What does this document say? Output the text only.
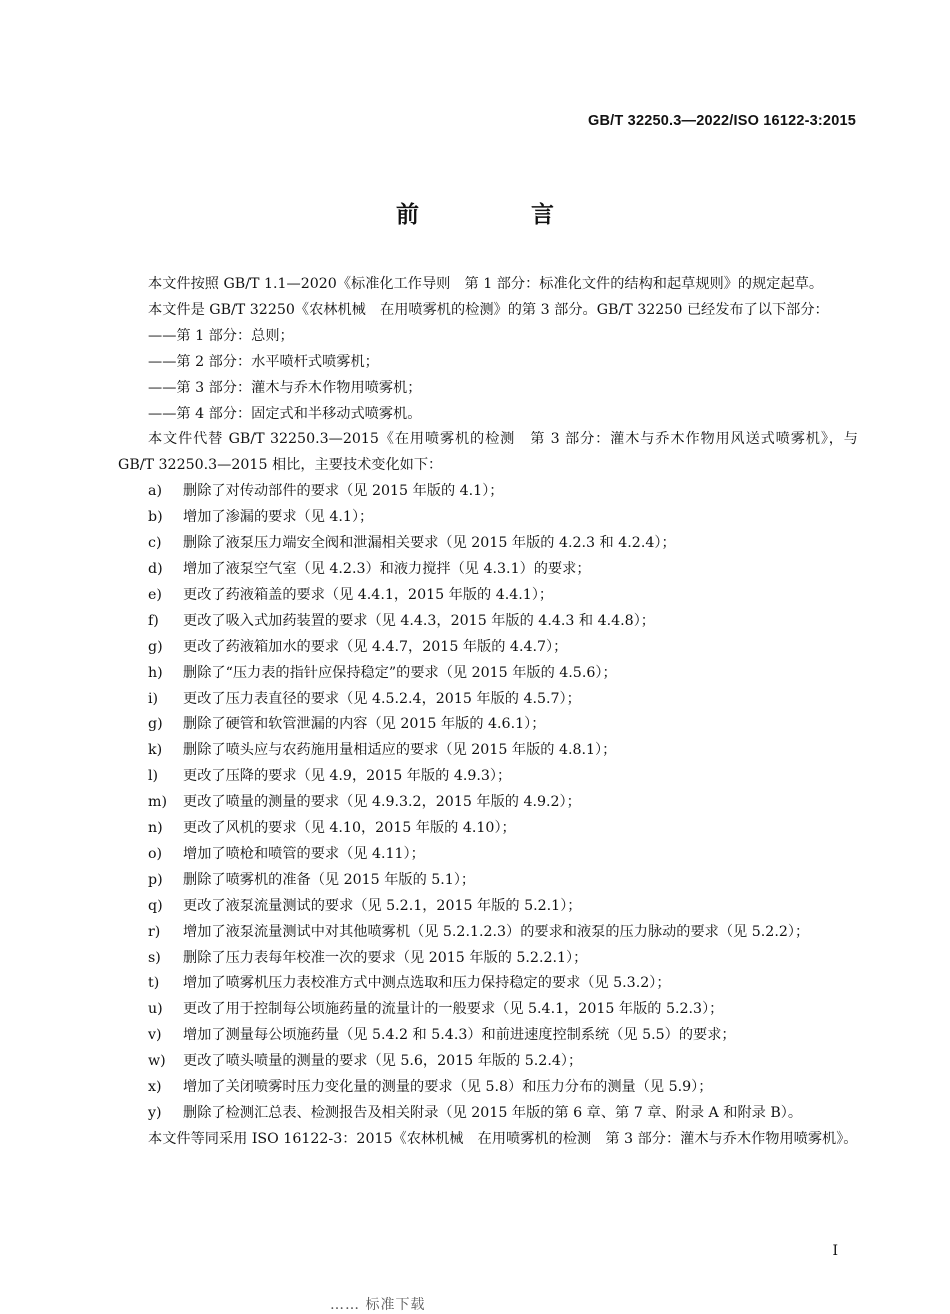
GB/T 32250.3—2022/ISO 16122-3:2015
前 言

本文件按照 GB/T 1.1—2020《标准化工作导则　第 1 部分：标准化文件的结构和起草规则》的规定起草。

本文件是 GB/T 32250《农林机械　在用喷雾机的检测》的第 3 部分。GB/T 32250 已经发布了以下部分：

——第 1 部分：总则；

——第 2 部分：水平喷杆式喷雾机；

——第 3 部分：灌木与乔木作物用喷雾机；

——第 4 部分：固定式和半移动式喷雾机。

本文件代替 GB/T 32250.3—2015《在用喷雾机的检测　第 3 部分：灌木与乔木作物用风送式喷雾机》，与 GB/T 32250.3—2015 相比，主要技术变化如下：

a)	删除了对传动部件的要求（见 2015 年版的 4.1）；
b)	增加了渗漏的要求（见 4.1）；
c)	删除了液泵压力端安全阀和泄漏相关要求（见 2015 年版的 4.2.3 和 4.2.4）；
d)	增加了液泵空气室（见 4.2.3）和液力搅拌（见 4.3.1）的要求；
e)	更改了药液箱盖的要求（见 4.4.1，2015 年版的 4.4.1）；
f)	更改了吸入式加药装置的要求（见 4.4.3，2015 年版的 4.4.3 和 4.4.8）；
g)	更改了药液箱加水的要求（见 4.4.7，2015 年版的 4.4.7）；
h)	删除了“压力表的指针应保持稳定”的要求（见 2015 年版的 4.5.6）；
i)	更改了压力表直径的要求（见 4.5.2.4，2015 年版的 4.5.7）；
g)	删除了硬管和软管泄漏的内容（见 2015 年版的 4.6.1）；
k)	删除了喷头应与农药施用量相适应的要求（见 2015 年版的 4.8.1）；
l)	更改了压降的要求（见 4.9，2015 年版的 4.9.3）；
m)	更改了喷量的测量的要求（见 4.9.3.2，2015 年版的 4.9.2）；
n)	更改了风机的要求（见 4.10，2015 年版的 4.10）；
o)	增加了喷枪和喷管的要求（见 4.11）；
p)	删除了喷雾机的准备（见 2015 年版的 5.1）；
q)	更改了液泵流量测试的要求（见 5.2.1，2015 年版的 5.2.1）；
r)	增加了液泵流量测试中对其他喷雾机（见 5.2.1.2.3）的要求和液泵的压力脉动的要求（见 5.2.2）；
s)	删除了压力表每年校准一次的要求（见 2015 年版的 5.2.2.1）；
t)	增加了喷雾机压力表校准方式中测点选取和压力保持稳定的要求（见 5.3.2）；
u)	更改了用于控制每公顷施药量的流量计的一般要求（见 5.4.1，2015 年版的 5.2.3）；
v)	增加了测量每公顷施药量（见 5.4.2 和 5.4.3）和前进速度控制系统（见 5.5）的要求；
w)	更改了喷头喷量的测量的要求（见 5.6，2015 年版的 5.2.4）；
x)	增加了关闭喷雾时压力变化量的测量的要求（见 5.8）和压力分布的测量（见 5.9）；
y)	删除了检测汇总表、检测报告及相关附录（见 2015 年版的第 6 章、第 7 章、附录 A 和附录 B）。

本文件等同采用 ISO 16122-3：2015《农林机械　在用喷雾机的检测　第 3 部分：灌木与乔木作物用喷雾机》。

I
…… 标准下载
